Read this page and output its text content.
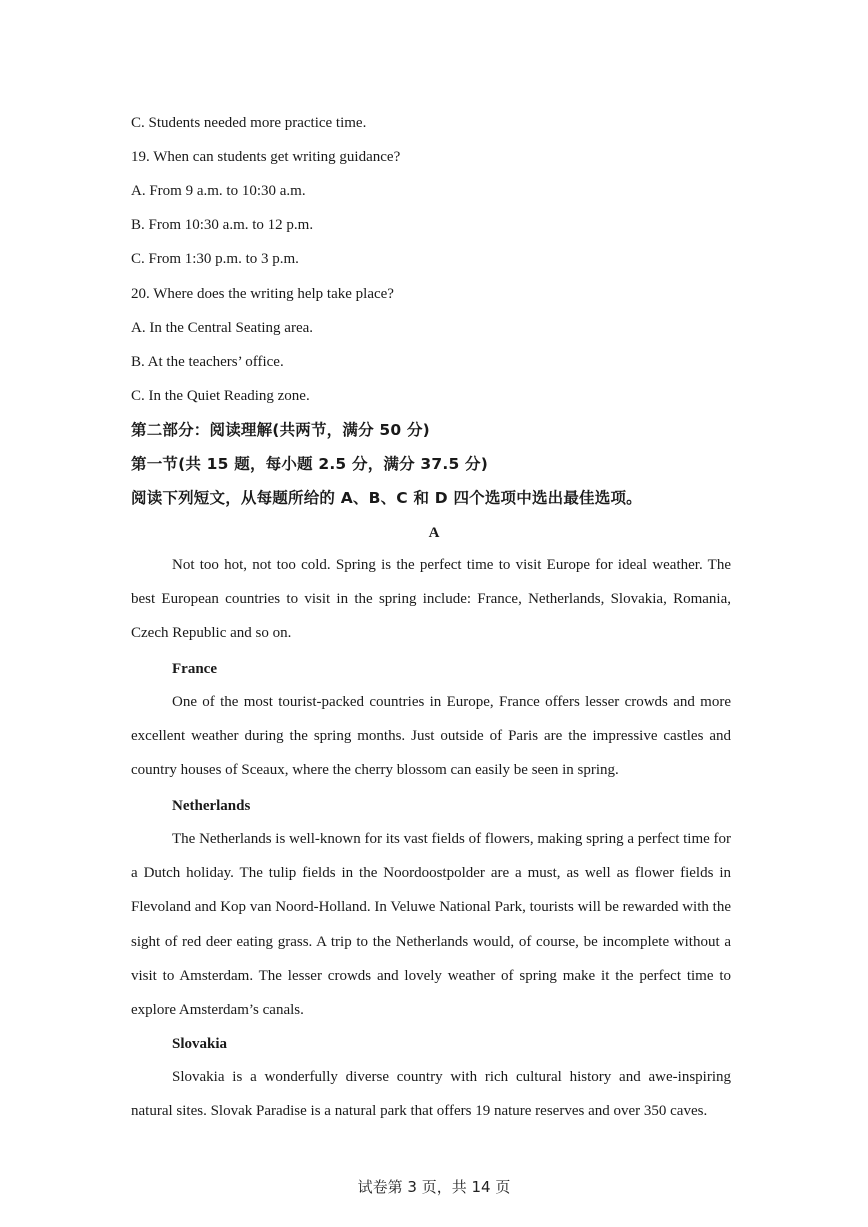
C. Students needed more practice time.
19. When can students get writing guidance?
A. From 9 a.m. to 10:30 a.m.
B. From 10:30 a.m. to 12 p.m.
C. From 1:30 p.m. to 3 p.m.
20. Where does the writing help take place?
A. In the Central Seating area.
B. At the teachers’ office.
C. In the Quiet Reading zone.
第二部分：阅读理解(共两节，满分 50 分)
第一节(共 15 题，每小题 2.5 分，满分 37.5 分)
阅读下列短文，从每题所给的 A、B、C 和 D 四个选项中选出最佳选项。
A
Not too hot, not too cold. Spring is the perfect time to visit Europe for ideal weather. The best European countries to visit in the spring include: France, Netherlands, Slovakia, Romania, Czech Republic and so on.
France
One of the most tourist-packed countries in Europe, France offers lesser crowds and more excellent weather during the spring months. Just outside of Paris are the impressive castles and country houses of Sceaux, where the cherry blossom can easily be seen in spring.
Netherlands
The Netherlands is well-known for its vast fields of flowers, making spring a perfect time for a Dutch holiday. The tulip fields in the Noordoostpolder are a must, as well as flower fields in Flevoland and Kop van Noord-Holland. In Veluwe National Park, tourists will be rewarded with the sight of red deer eating grass. A trip to the Netherlands would, of course, be incomplete without a visit to Amsterdam. The lesser crowds and lovely weather of spring make it the perfect time to explore Amsterdam’s canals.
Slovakia
Slovakia is a wonderfully diverse country with rich cultural history and awe-inspiring natural sites. Slovak Paradise is a natural park that offers 19 nature reserves and over 350 caves.
试卷第 3 页，共 14 页
